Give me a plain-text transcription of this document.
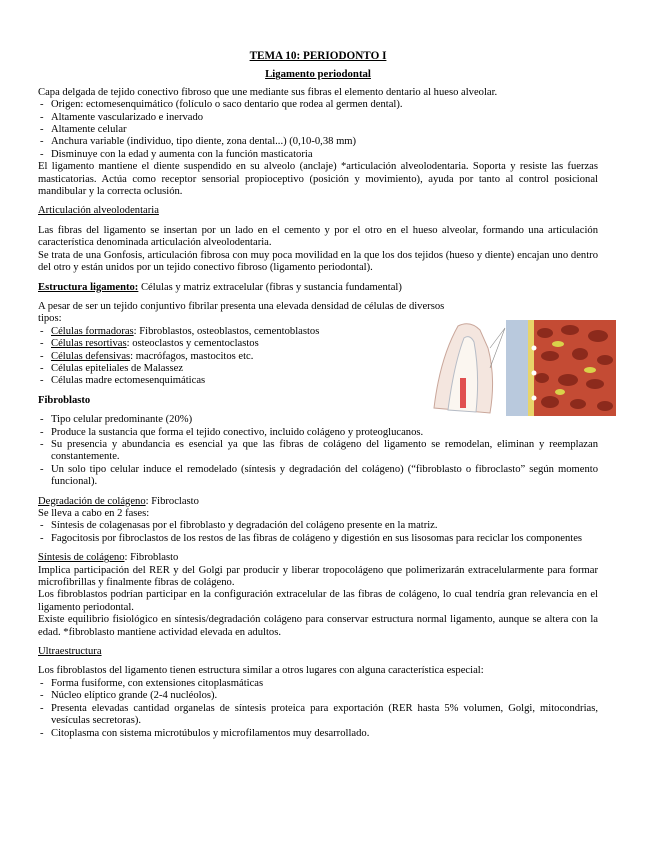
TEMA 10: PERIODONTO I
Ligamento periodontal

Capa delgada de tejido conectivo fibroso que une mediante sus fibras el elemento dentario al hueso alveolar.

- Origen: ectomesenquimático (folículo o saco dentario que rodea al germen dental).
- Altamente vascularizado e inervado
- Altamente celular
- Anchura variable (individuo, tipo diente, zona dental...) (0,10-0,38 mm)
- Disminuye con la edad y aumenta con la función masticatoria

El ligamento mantiene el diente suspendido en su alveolo (anclaje) *articulación alveolodentaria. Soporta y resiste las fuerzas masticatorias. Actúa como receptor sensorial propioceptivo (posición y movimiento), ayuda por tanto al control posicional mandibular y la correcta oclusión.

Articulación alveolodentaria

Las fibras del ligamento se insertan por un lado en el cemento y por el otro en el hueso alveolar, formando una articulación característica denominada articulación alveolodentaria.

Se trata de una Gonfosis, articulación fibrosa con muy poca movilidad en la que los dos tejidos (hueso y diente) encajan uno dentro del otro y están unidos por un tejido conectivo fibroso (ligamento periodontal).

Estructura ligamento: Células y matriz extracelular (fibras y sustancia fundamental)

A pesar de ser un tejido conjuntivo fibrilar presenta una elevada densidad de células de diversos tipos:

- Células formadoras: Fibroblastos, osteoblastos, cementoblastos
- Células resortivas: osteoclastos y cementoclastos
- Células defensivas: macrófagos, mastocitos etc.
- Células epiteliales de Malassez
- Células madre ectomesenquimáticas
Fibroblasto
- Tipo celular predominante (20%)
- Produce la sustancia que forma el tejido conectivo, incluido colágeno y proteoglucanos.
- Su presencia y abundancia es esencial ya que las fibras de colágeno del ligamento se remodelan, eliminan y reemplazan constantemente.
- Un solo tipo celular induce el remodelado (síntesis y degradación del colágeno) (“fibroblasto o fibroclasto” según momento funcional).
Degradación de colágeno: Fibroclasto

Se lleva a cabo en 2 fases:

- Síntesis de colagenasas por el fibroblasto y degradación del colágeno presente en la matriz.
- Fagocitosis por fibroclastos de los restos de las fibras de colágeno y digestión en sus lisosomas para reciclar los componentes
Síntesis de colágeno: Fibroblasto

Implica participación del RER y del Golgi par producir y liberar tropocolágeno que polimerizarán extracelularmente para formar microfibrillas y finalmente fibras de colágeno.

Los fibroblastos podrían participar en la configuración extracelular de las fibras de colágeno, lo cual tendría gran relevancia en el ligamento periodontal.

Existe equilibrio fisiológico en síntesis/degradación colágeno para conservar estructura normal ligamento, aunque se altera con la edad. *fibroblasto mantiene actividad elevada en adultos.

Ultraestructura

Los fibroblastos del ligamento tienen estructura similar a otros lugares con alguna característica especial:

- Forma fusiforme, con extensiones citoplasmáticas
- Núcleo elíptico grande (2-4 nucléolos).
- Presenta elevadas cantidad organelas de síntesis proteica para exportación (RER hasta 5% volumen, Golgi, mitocondrias, vesículas secretoras).
- Citoplasma con sistema microtúbulos y microfilamentos muy desarrollado.
